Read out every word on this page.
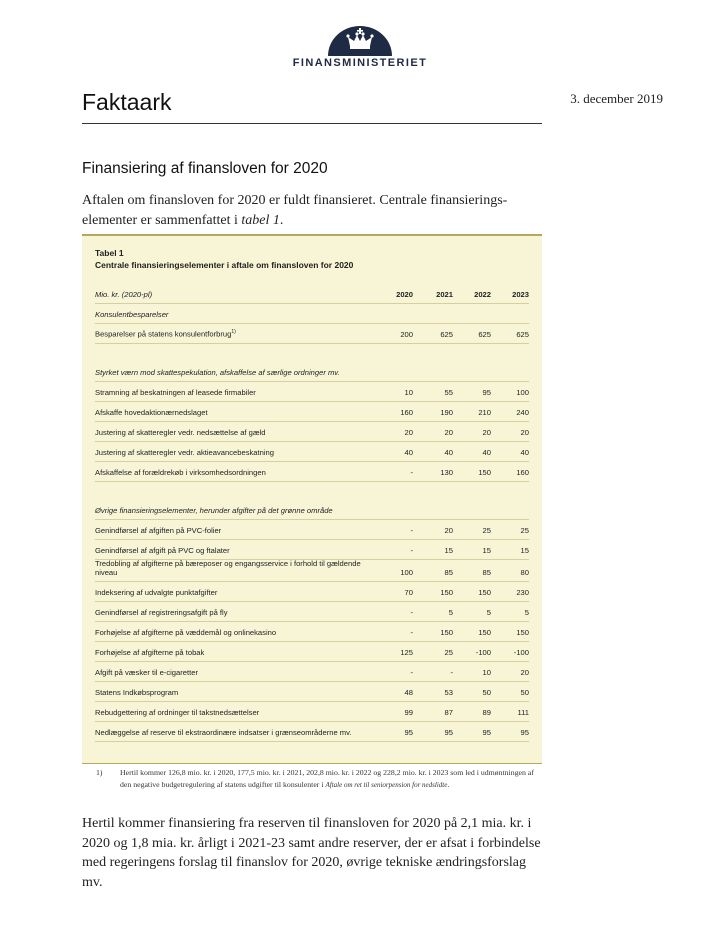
FINANSMINISTERIET
Faktaark	3. december 2019
Finansiering af finansloven for 2020

Aftalen om finansloven for 2020 er fuldt finansieret. Centrale finansierings-elementer er sammenfattet i tabel 1.

Tabel 1
Centrale finansieringselementer i aftale om finansloven for 2020
Mio. kr. (2020-pl)	2020	2021	2022	2023
Konsulentbesparelser
Besparelser på statens konsulentforbrug$^{1)}$	200	625	625	625
Styrket værn mod skattespekulation, afskaffelse af særlige ordninger mv.
Stramning af beskatningen af leasede firmabiler	10	55	95	100
Afskaffe hovedaktionærnedslaget	160	190	210	240
Justering af skatteregler vedr. nedsættelse af gæld	20	20	20	20
Justering af skatteregler vedr. aktieavancebeskatning	40	40	40	40
Afskaffelse af forældrekøb i virksomhedsordningen	-	130	150	160
Øvrige finansieringselementer, herunder afgifter på det grønne område
Genindførsel af afgiften på PVC-folier	-	20	25	25
Genindførsel af afgift på PVC og ftalater	-	15	15	15
Tredobling af afgifterne på bæreposer og engangsservice i forhold til gældende niveau	100	85	85	80
Indeksering af udvalgte punktafgifter	70	150	150	230
Genindførsel af registreringsafgift på fly	-	5	5	5
Forhøjelse af afgifterne på væddemål og onlinekasino	-	150	150	150
Forhøjelse af afgifterne på tobak	125	25	-100	-100
Afgift på væsker til e-cigaretter	-	-	10	20
Statens Indkøbsprogram	48	53	50	50
Rebudgettering af ordninger til takstnedsættelser	99	87	89	111
Nedlæggelse af reserve til ekstraordinære indsatser i grænseområderne mv.	95	95	95	95
1) Hertil kommer 126,8 mio. kr. i 2020, 177,5 mio. kr. i 2021, 202,8 mio. kr. i 2022 og 228,2 mio. kr. i 2023 som led i udmøntningen af den negative budgetregulering af statens udgifter til konsulenter i Aftale om ret til seniorpension for nedslidte.

Hertil kommer finansiering fra reserven til finansloven for 2020 på 2,1 mia. kr. i 2020 og 1,8 mia. kr. årligt i 2021-23 samt andre reserver, der er afsat i forbindelse med regeringens forslag til finanslov for 2020, øvrige tekniske ændringsforslag mv.
